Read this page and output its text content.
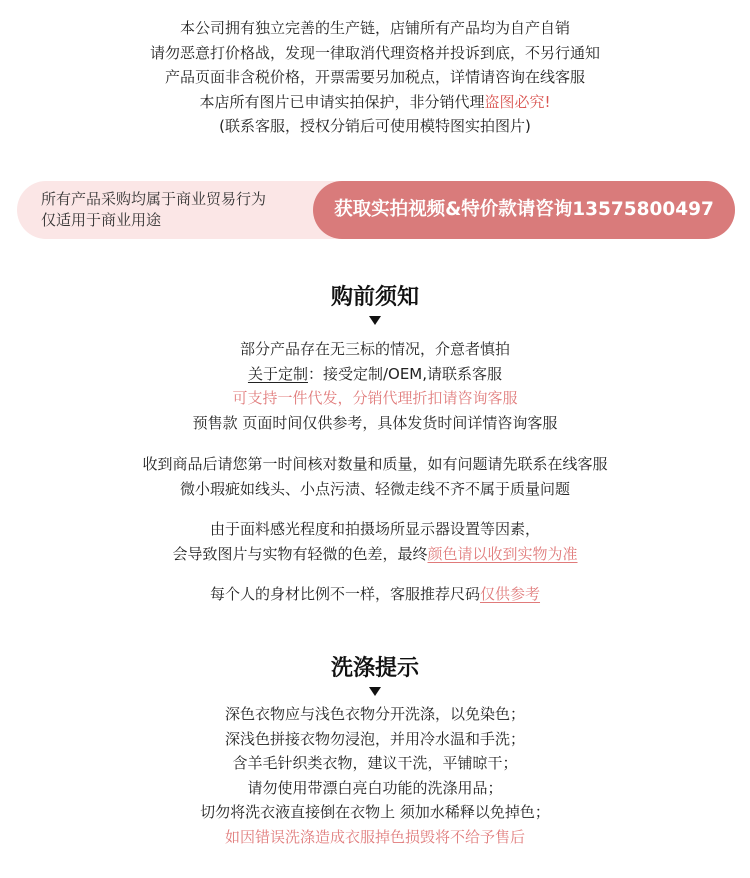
本公司拥有独立完善的生产链，店铺所有产品均为自产自销
请勿恶意打价格战，发现一律取消代理资格并投诉到底，不另行通知
产品页面非含税价格，开票需要另加税点，详情请咨询在线客服
本店所有图片已申请实拍保护，非分销代理盗图必究!
(联系客服，授权分销后可使用模特图实拍图片)
所有产品采购均属于商业贸易行为
仅适用于商业用途	获取实拍视频&特价款请咨询13575800497
购前须知
部分产品存在无三标的情况，介意者慎拍
关于定制：接受定制/OEM,请联系客服
可支持一件代发，分销代理折扣请咨询客服
预售款 页面时间仅供参考，具体发货时间详情咨询客服
收到商品后请您第一时间核对数量和质量，如有问题请先联系在线客服
微小瑕疵如线头、小点污渍、轻微走线不齐不属于质量问题
由于面料感光程度和拍摄场所显示器设置等因素，
会导致图片与实物有轻微的色差，最终颜色请以收到实物为准
每个人的身材比例不一样，客服推荐尺码仅供参考
洗涤提示
深色衣物应与浅色衣物分开洗涤，以免染色；
深浅色拼接衣物勿浸泡，并用冷水温和手洗；
含羊毛针织类衣物，建议干洗，平铺晾干；
请勿使用带漂白亮白功能的洗涤用品；
切勿将洗衣液直接倒在衣物上 须加水稀释以免掉色；
如因错误洗涤造成衣服掉色损毁将不给予售后
